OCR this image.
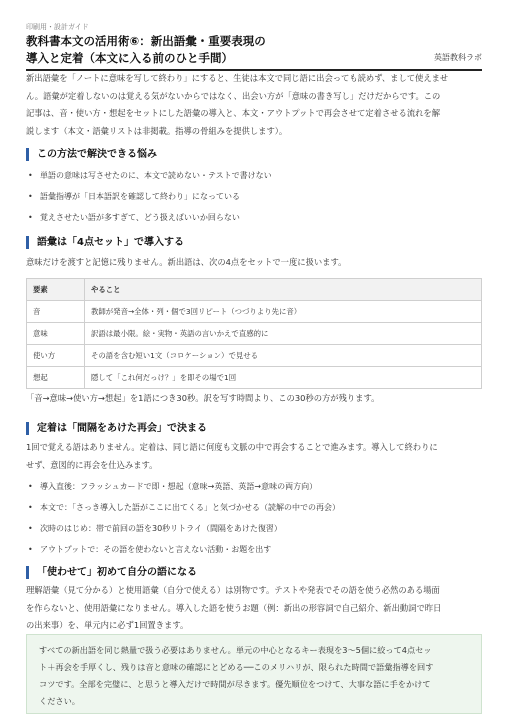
印刷用・設計ガイド
教科書本文の活用術⑥：新出語彙・重要表現の
導入と定着（本文に入る前のひと手間）	英語教科ラボ

新出語彙を「ノートに意味を写して終わり」にすると、生徒は本文で同じ語に出会っても読めず、まして使えませ

ん。語彙が定着しないのは覚える気がないからではなく、出会い方が「意味の書き写し」だけだからです。この

記事は、音・使い方・想起をセットにした語彙の導入と、本文・アウトプットで再会させて定着させる流れを解

説します（本文・語彙リストは非掲載。指導の骨組みを提供します）。

この方法で解決できる悩み
• 単語の意味は写させたのに、本文で読めない・テストで書けない
• 語彙指導が「日本語訳を確認して終わり」になっている
• 覚えさせたい語が多すぎて、どう扱えばいいか回らない
語彙は「4点セット」で導入する

意味だけを渡すと記憶に残りません。新出語は、次の4点をセットで一度に扱います。

要素	やること
音	教師が発音→全体・列・個で3回リピート（つづりより先に音）
意味	訳語は最小限。絵・実物・英語の言いかえで直感的に
使い方	その語を含む短い1文（コロケーション）で見せる
想起	隠して「これ何だっけ？」を即その場で1回

「音→意味→使い方→想起」を1語につき30秒。訳を写す時間より、この30秒の方が残ります。

定着は「間隔をあけた再会」で決まる

1回で覚える語はありません。定着は、同じ語に何度も文脈の中で再会することで進みます。導入して終わりに

せず、意図的に再会を仕込みます。

• 導入直後：フラッシュカードで即・想起（意味→英語、英語→意味の両方向）
• 本文で：「さっき導入した語がここに出てくる」と気づかせる（読解の中での再会）
• 次時のはじめ：帯で前回の語を30秒リトライ（間隔をあけた復習）
• アウトプットで：その語を使わないと言えない活動・お題を出す
「使わせて」初めて自分の語になる

理解語彙（見て分かる）と使用語彙（自分で使える）は別物です。テストや発表でその語を使う必然のある場面

を作らないと、使用語彙になりません。導入した語を使うお題（例：新出の形容詞で自己紹介、新出動詞で昨日

の出来事）を、単元内に必ず1回置きます。

すべての新出語を同じ熱量で扱う必要はありません。単元の中心となるキー表現を3〜5個に絞って4点セッ

ト＋再会を手厚くし、残りは音と意味の確認にとどめる──このメリハリが、限られた時間で語彙指導を回す

コツです。全部を完璧に、と思うと導入だけで時間が尽きます。優先順位をつけて、大事な語に手をかけて

ください。
